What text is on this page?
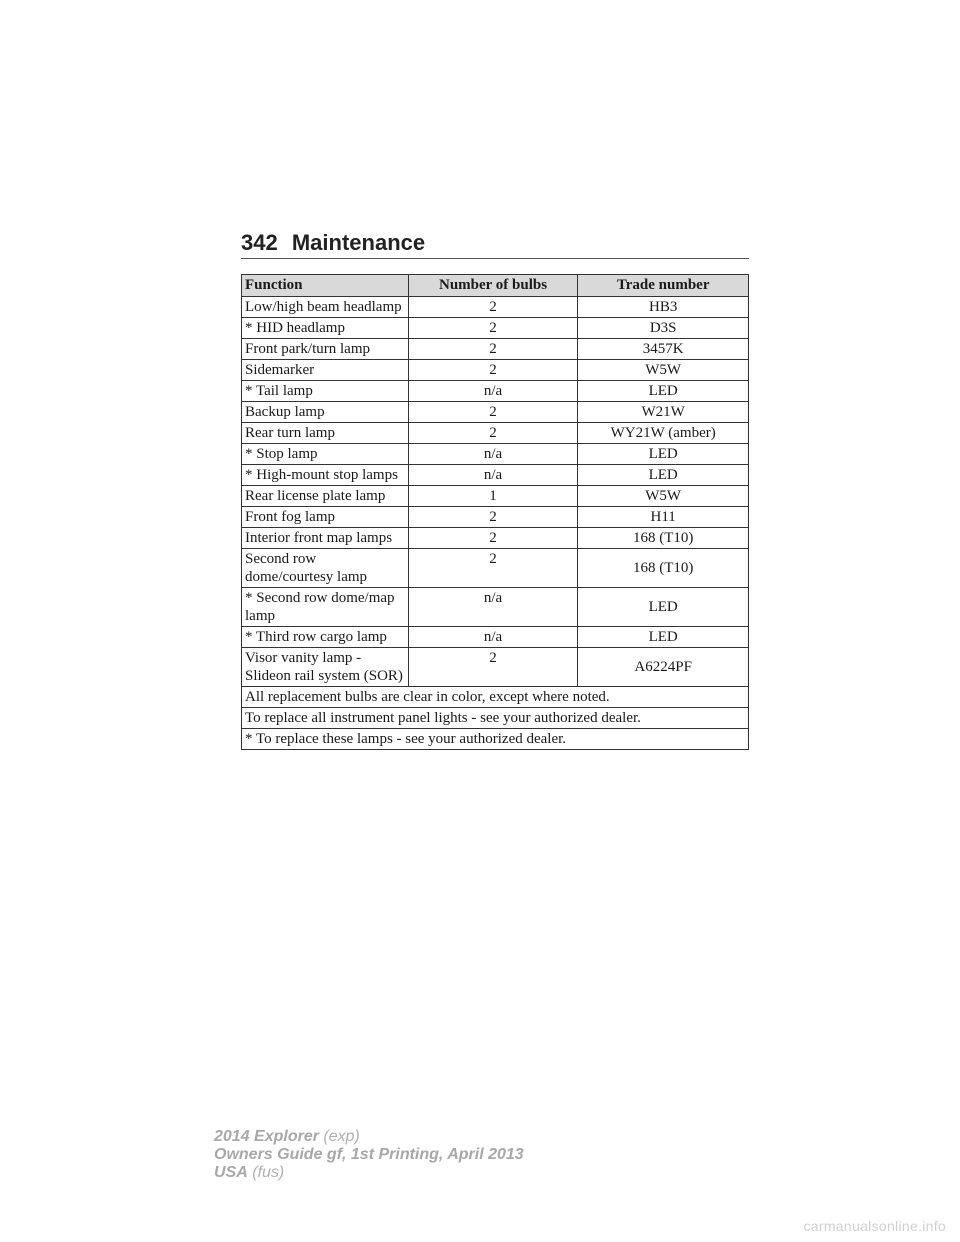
342 Maintenance
Function	Number of bulbs	Trade number
Low/high beam headlamp	2	HB3
* HID headlamp	2	D3S
Front park/turn lamp	2	3457K
Sidemarker	2	W5W
* Tail lamp	n/a	LED
Backup lamp	2	W21W
Rear turn lamp	2	WY21W (amber)
* Stop lamp	n/a	LED
* High-mount stop lamps	n/a	LED
Rear license plate lamp	1	W5W
Front fog lamp	2	H11
Interior front map lamps	2	168 (T10)
Second row dome/courtesy lamp	2	168 (T10)
* Second row dome/map lamp	n/a	LED
* Third row cargo lamp	n/a	LED
Visor vanity lamp - Slideon rail system (SOR)	2	A6224PF
All replacement bulbs are clear in color, except where noted.		
To replace all instrument panel lights - see your authorized dealer.		
* To replace these lamps - see your authorized dealer.		
2014 Explorer (exp)
Owners Guide gf, 1st Printing, April 2013
USA (fus)
carmanualsonline.info
